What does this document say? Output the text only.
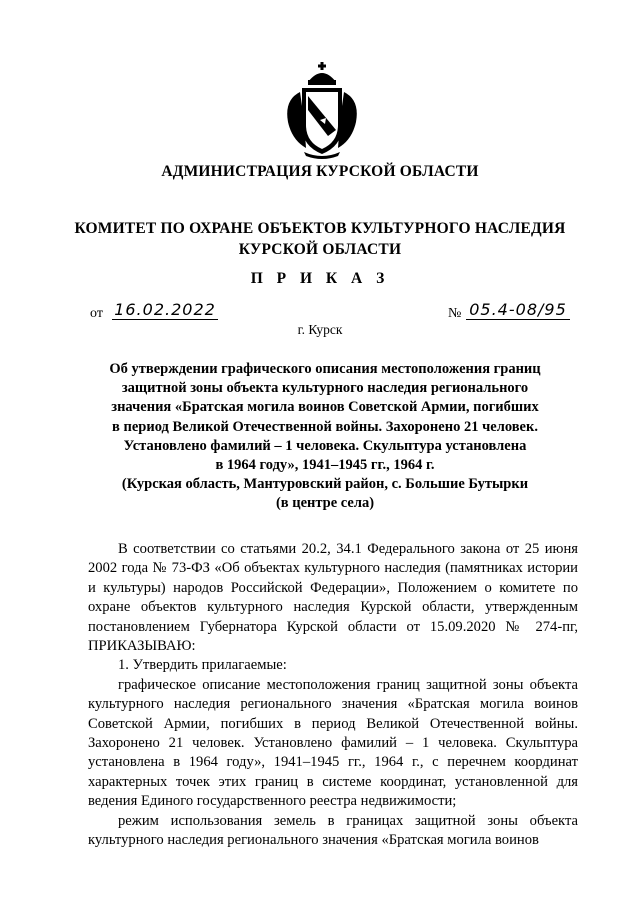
АДМИНИСТРАЦИЯ КУРСКОЙ ОБЛАСТИ
КОМИТЕТ ПО ОХРАНЕ ОБЪЕКТОВ КУЛЬТУРНОГО НАСЛЕДИЯ
КУРСКОЙ ОБЛАСТИ
П Р И К А З
от 16.02.2022	№ 05.4-08/95
г. Курск
Об утверждении графического описания местоположения границ
защитной зоны объекта культурного наследия регионального
значения «Братская могила воинов Советской Армии, погибших
в период Великой Отечественной войны. Захоронено 21 человек.
Установлено фамилий – 1 человека. Скульптура установлена
в 1964 году», 1941–1945 гг., 1964 г.
(Курская область, Мантуровский район, с. Большие Бутырки
(в центре села)

В соответствии со статьями 20.2, 34.1 Федерального закона от 25 июня 2002 года № 73-ФЗ «Об объектах культурного наследия (памятниках истории и культуры) народов Российской Федерации», Положением о комитете по охране объектов культурного наследия Курской области, утвержденным постановлением Губернатора Курской области от 15.09.2020 № 274-пг, ПРИКАЗЫВАЮ:

1. Утвердить прилагаемые:

графическое описание местоположения границ защитной зоны объекта культурного наследия регионального значения «Братская могила воинов Советской Армии, погибших в период Великой Отечественной войны. Захоронено 21 человек. Установлено фамилий – 1 человека. Скульптура установлена в 1964 году», 1941–1945 гг., 1964 г., с перечнем координат характерных точек этих границ в системе координат, установленной для ведения Единого государственного реестра недвижимости;

режим использования земель в границах защитной зоны объекта культурного наследия регионального значения «Братская могила воинов
